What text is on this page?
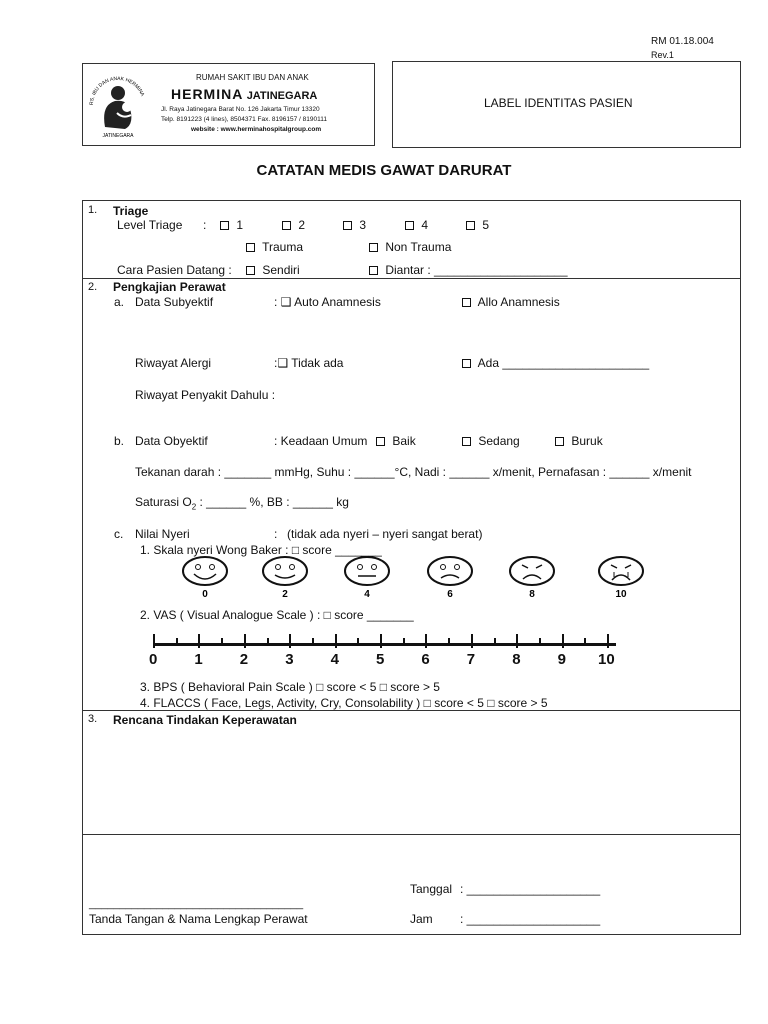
RM 01.18.004
Rev.1
RS. IBU DAN ANAK HERMINA
JATINEGARA
RUMAH SAKIT IBU DAN ANAK
HERMINA JATINEGARA
Jl. Raya Jatinegara Barat No. 126 Jakarta Timur 13320
Telp. 8191223 (4 lines), 8504371 Fax. 8196157 / 8190111
website : www.herminahospitalgroup.com
LABEL IDENTITAS PASIEN
CATATAN MEDIS GAWAT DARURAT
1. Triage
Level Triage :	1	2	3	4	5
Trauma	Non Trauma
Cara Pasien Datang :	Sendiri	Diantar : ____________________
2. Pengkajian Perawat
a. Data Subyektif	: ❑ Auto Anamnesis	Allo Anamnesis
Riwayat Alergi	:❑ Tidak ada	Ada ______________________
Riwayat Penyakit Dahulu :
b. Data Obyektif	: Keadaan Umum	Baik	Sedang	Buruk
Tekanan darah : _______ mmHg, Suhu : ______°C, Nadi : ______ x/menit, Pernafasan : ______ x/menit
Saturasi $O_2$ : ______ %, BB : ______ kg
c. Nilai Nyeri	: (tidak ada nyeri – nyeri sangat berat)
1. Skala nyeri Wong Baker : □ score _______
0	2	4	6	8	10
2. VAS ( Visual Analogue Scale ) : □ score _______
0 1 2 3 4 5 6 7 8 9 10
3. BPS ( Behavioral Pain Scale ) □ score < 5 □ score > 5
4. FLACCS ( Face, Legs, Activity, Cry, Consolability ) □ score < 5 □ score > 5
3. Rencana Tindakan Keperawatan
___________________________________
Tanda Tangan & Nama Lengkap Perawat
Tanggal : ____________________
Jam : ____________________
